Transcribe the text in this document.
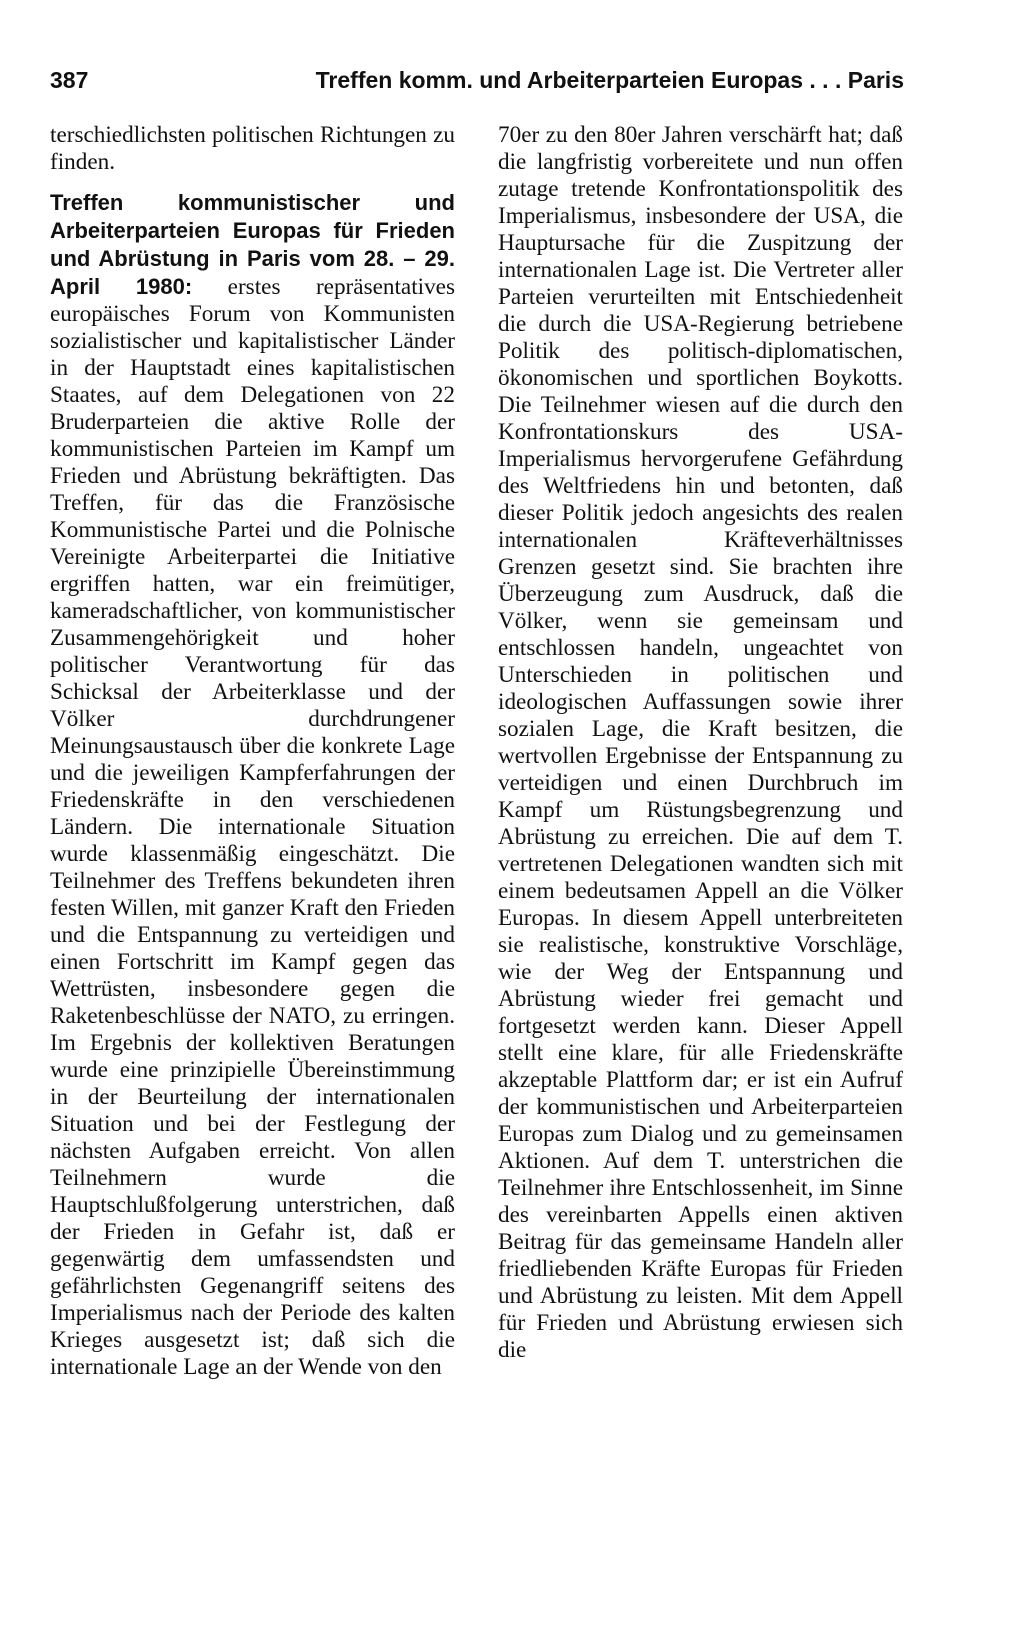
387	Treffen komm. und Arbeiterparteien Europas . . . Paris

terschiedlichsten politischen Richtungen zu finden.

Treffen kommunistischer und Arbeiterparteien Europas für Frieden und Abrüstung in Paris vom 28. – 29. April 1980: erstes repräsentatives europäisches Forum von Kommunisten sozialistischer und kapitalistischer Länder in der Hauptstadt eines kapitalistischen Staates, auf dem Delegationen von 22 Bruderparteien die aktive Rolle der kommunistischen Parteien im Kampf um Frieden und Abrüstung bekräftigten. Das Treffen, für das die Französische Kommunistische Partei und die Polnische Vereinigte Arbeiterpartei die Initiative ergriffen hatten, war ein freimütiger, kameradschaftlicher, von kommunistischer Zusammengehörigkeit und hoher politischer Verantwortung für das Schicksal der Arbeiterklasse und der Völker durchdrungener Meinungsaustausch über die konkrete Lage und die jeweiligen Kampferfahrungen der Friedenskräfte in den verschiedenen Ländern. Die internationale Situation wurde klassenmäßig eingeschätzt. Die Teilnehmer des Treffens bekundeten ihren festen Willen, mit ganzer Kraft den Frieden und die Entspannung zu verteidigen und einen Fortschritt im Kampf gegen das Wettrüsten, insbesondere gegen die Raketenbeschlüsse der NATO, zu erringen. Im Ergebnis der kollektiven Beratungen wurde eine prinzipielle Übereinstimmung in der Beurteilung der internationalen Situation und bei der Festlegung der nächsten Aufgaben erreicht. Von allen Teilnehmern wurde die Hauptschlußfolgerung unterstrichen, daß der Frieden in Gefahr ist, daß er gegenwärtig dem umfassendsten und gefährlichsten Gegenangriff seitens des Imperialismus nach der Periode des kalten Krieges ausgesetzt ist; daß sich die internationale Lage an der Wende von den

70er zu den 80er Jahren verschärft hat; daß die langfristig vorbereitete und nun offen zutage tretende Konfrontationspolitik des Imperialismus, insbesondere der USA, die Hauptursache für die Zuspitzung der internationalen Lage ist. Die Vertreter aller Parteien verurteilten mit Entschiedenheit die durch die USA-Regierung betriebene Politik des politisch-diplomatischen, ökonomischen und sportlichen Boykotts. Die Teilnehmer wiesen auf die durch den Konfrontationskurs des USA-Imperialismus hervorgerufene Gefährdung des Weltfriedens hin und betonten, daß dieser Politik jedoch angesichts des realen internationalen Kräfteverhältnisses Grenzen gesetzt sind. Sie brachten ihre Überzeugung zum Ausdruck, daß die Völker, wenn sie gemeinsam und entschlossen handeln, ungeachtet von Unterschieden in politischen und ideologischen Auffassungen sowie ihrer sozialen Lage, die Kraft besitzen, die wertvollen Ergebnisse der Entspannung zu verteidigen und einen Durchbruch im Kampf um Rüstungsbegrenzung und Abrüstung zu erreichen. Die auf dem T. vertretenen Delegationen wandten sich mit einem bedeutsamen Appell an die Völker Europas. In diesem Appell unterbreiteten sie realistische, konstruktive Vorschläge, wie der Weg der Entspannung und Abrüstung wieder frei gemacht und fortgesetzt werden kann. Dieser Appell stellt eine klare, für alle Friedenskräfte akzeptable Plattform dar; er ist ein Aufruf der kommunistischen und Arbeiterparteien Europas zum Dialog und zu gemeinsamen Aktionen. Auf dem T. unterstrichen die Teilnehmer ihre Entschlossenheit, im Sinne des vereinbarten Appells einen aktiven Beitrag für das gemeinsame Handeln aller friedliebenden Kräfte Europas für Frieden und Abrüstung zu leisten. Mit dem Appell für Frieden und Abrüstung erwiesen sich die
